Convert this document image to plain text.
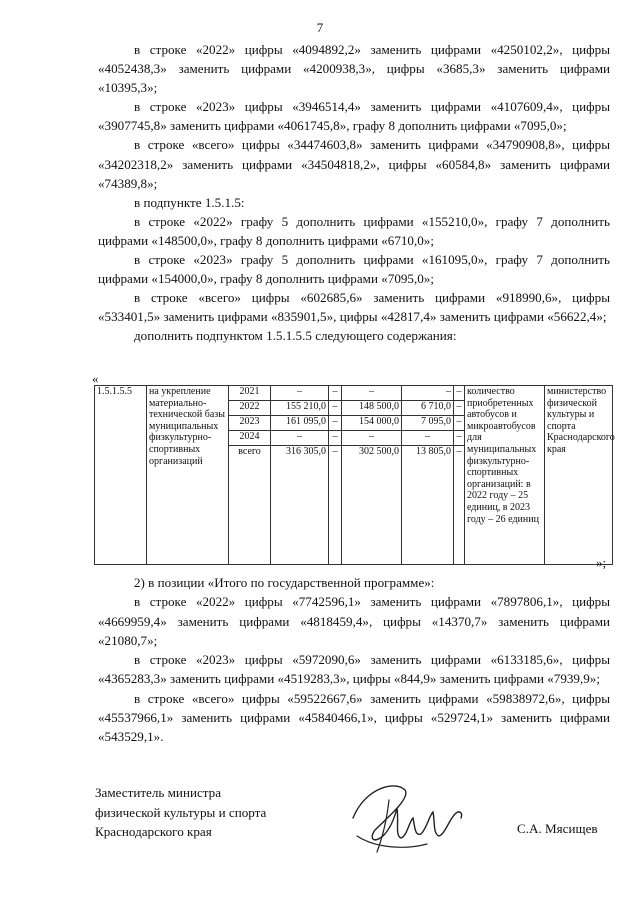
7

в строке «2022» цифры «4094892,2» заменить цифрами «4250102,2», цифры «4052438,3» заменить цифрами «4200938,3», цифры «3685,3» заменить цифрами «10395,3»;

в строке «2023» цифры «3946514,4» заменить цифрами «4107609,4», цифры «3907745,8» заменить цифрами «4061745,8», графу 8 дополнить цифрами «7095,0»;

в строке «всего» цифры «34474603,8» заменить цифрами «34790908,8», цифры «34202318,2» заменить цифрами «34504818,2», цифры «60584,8» заменить цифрами «74389,8»;

в подпункте 1.5.1.5:

в строке «2022» графу 5 дополнить цифрами «155210,0», графу 7 дополнить цифрами «148500,0», графу 8 дополнить цифрами «6710,0»;

в строке «2023» графу 5 дополнить цифрами «161095,0», графу 7 дополнить цифрами «154000,0», графу 8 дополнить цифрами «7095,0»;

в строке «всего» цифры «602685,6» заменить цифрами «918990,6», цифры «533401,5» заменить цифрами «835901,5», цифры «42817,4» заменить цифрами «56622,4»;

дополнить подпунктом 1.5.1.5.5 следующего содержания:

«
1.5.1.5.5	на укрепление материально-технической базы муниципальных физкультурно-спортивных организаций	2021	–	–	–	–	–	количество приобретенных автобусов и микроавтобусов для муниципальных физкультурно-спортивных организаций: в 2022 году – 25 единиц, в 2023 году – 26 единиц	министерство физической культуры и спорта Краснодарского края
		2022	155 210,0	–	148 500,0	6 710,0	–		
		2023	161 095,0	–	154 000,0	7 095,0	–		
		2024	–	–	–	–	–		
		всего	316 305,0	–	302 500,0	13 805,0	–		
»;

2) в позиции «Итого по государственной программе»:

в строке «2022» цифры «7742596,1» заменить цифрами «7897806,1», цифры «4669959,4» заменить цифрами «4818459,4», цифры «14370,7» заменить цифрами «21080,7»;

в строке «2023» цифры «5972090,6» заменить цифрами «6133185,6», цифры «4365283,3» заменить цифрами «4519283,3», цифры «844,9» заменить цифрами «7939,9»;

в строке «всего» цифры «59522667,6» заменить цифрами «59838972,6», цифры «45537966,1» заменить цифрами «45840466,1», цифры «529724,1» заменить цифрами «543529,1».

Заместитель министра
физической культуры и спорта
Краснодарского края	С.А. Мясищев
